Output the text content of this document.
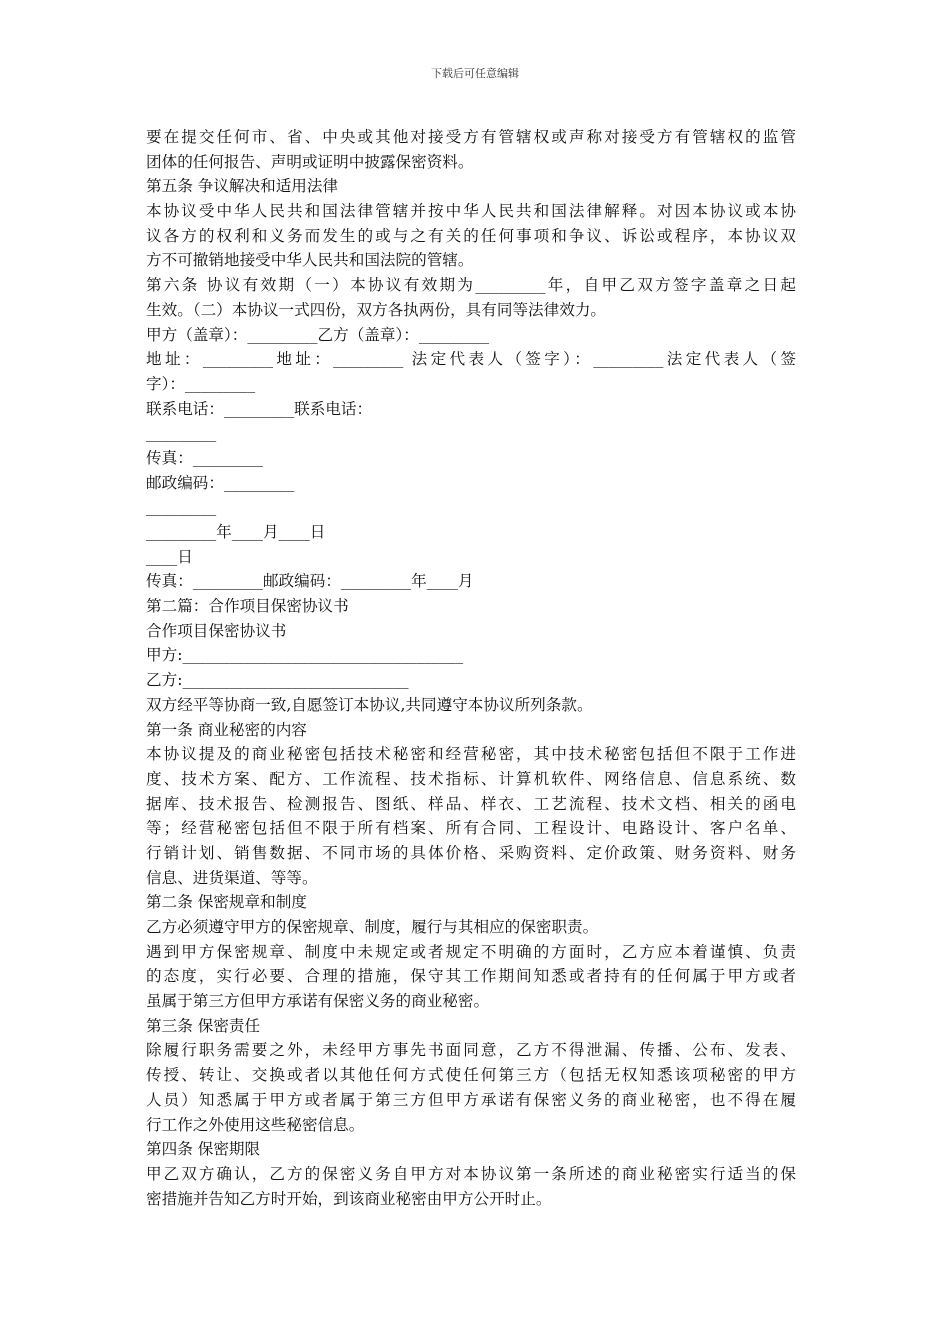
下载后可任意编辑
要在提交任何市、省、中央或其他对接受方有管辖权或声称对接受方有管辖权的监管
团体的任何报告、声明或证明中披露保密资料。
第五条 争议解决和适用法律
本协议受中华人民共和国法律管辖并按中华人民共和国法律解释。对因本协议或本协
议各方的权利和义务而发生的或与之有关的任何事项和争议、诉讼或程序，本协议双
方不可撤销地接受中华人民共和国法院的管辖。
第六条 协议有效期（一）本协议有效期为_________年，自甲乙双方签字盖章之日起
生效。（二）本协议一式四份，双方各执两份，具有同等法律效力。
甲方（盖章）：_________乙方（盖章）：_________
地址：_________地址：_________ 法定代表人（签字）：_________法定代表人（签
字）：_________
联系电话：_________联系电话：
_________
传真：_________
邮政编码：_________
_________
_________年____月____日
____日
传真：_________邮政编码：_________年____月
第二篇：合作项目保密协议书
合作项目保密协议书
甲方:____________________________________
乙方:_____________________________
双方经平等协商一致,自愿签订本协议,共同遵守本协议所列条款。
第一条 商业秘密的内容
本协议提及的商业秘密包括技术秘密和经营秘密，其中技术秘密包括但不限于工作进
度、技术方案、配方、工作流程、技术指标、计算机软件、网络信息、信息系统、数
据库、技术报告、检测报告、图纸、样品、样衣、工艺流程、技术文档、相关的函电
等；经营秘密包括但不限于所有档案、所有合同、工程设计、电路设计、客户名单、
行销计划、销售数据、不同市场的具体价格、采购资料、定价政策、财务资料、财务
信息、进货渠道、等等。
第二条 保密规章和制度
乙方必须遵守甲方的保密规章、制度，履行与其相应的保密职责。
遇到甲方保密规章、制度中未规定或者规定不明确的方面时，乙方应本着谨慎、负责
的态度，实行必要、合理的措施，保守其工作期间知悉或者持有的任何属于甲方或者
虽属于第三方但甲方承诺有保密义务的商业秘密。
第三条 保密责任
除履行职务需要之外，未经甲方事先书面同意，乙方不得泄漏、传播、公布、发表、
传授、转让、交换或者以其他任何方式使任何第三方（包括无权知悉该项秘密的甲方
人员）知悉属于甲方或者属于第三方但甲方承诺有保密义务的商业秘密，也不得在履
行工作之外使用这些秘密信息。
第四条 保密期限
甲乙双方确认，乙方的保密义务自甲方对本协议第一条所述的商业秘密实行适当的保
密措施并告知乙方时开始，到该商业秘密由甲方公开时止。
